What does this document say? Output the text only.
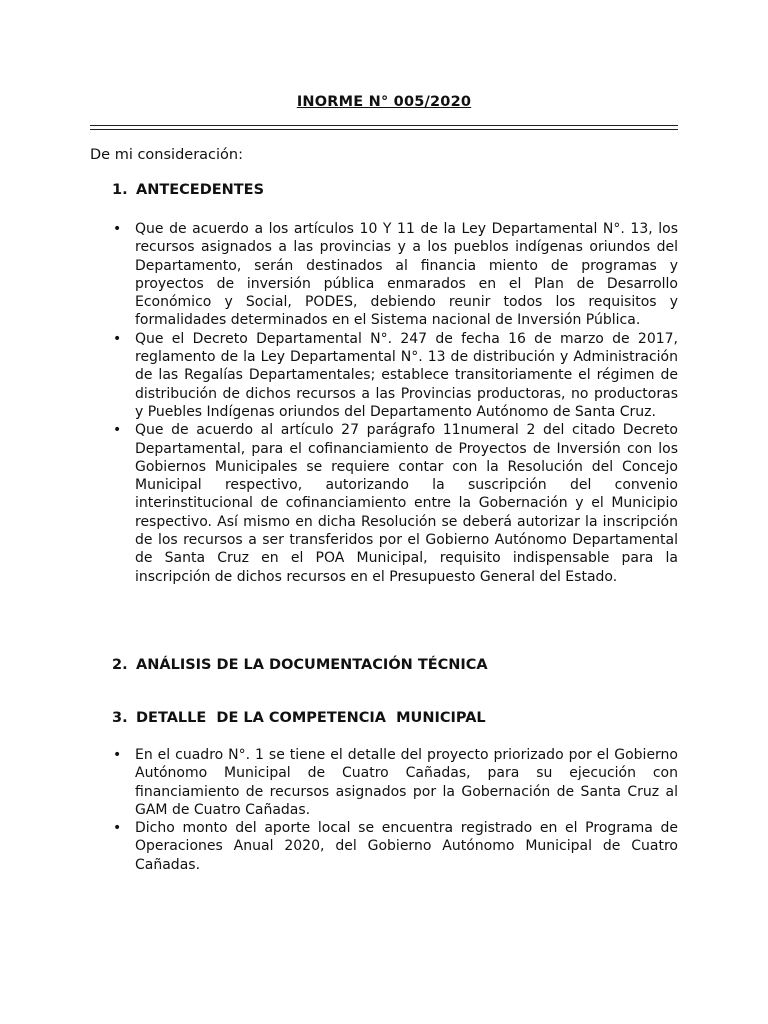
INORME N° 005/2020
De mi consideración:
1. ANTECEDENTES
• Que de acuerdo a los artículos 10 Y 11 de la Ley Departamental N°. 13, los recursos asignados a las provincias y a los pueblos indígenas oriundos del Departamento, serán destinados al financia miento de programas y proyectos de inversión pública enmarados en el Plan de Desarrollo Económico y Social, PODES, debiendo reunir todos los requisitos y formalidades determinados en el Sistema nacional de Inversión Pública.
• Que el Decreto Departamental N°. 247 de fecha 16 de marzo de 2017, reglamento de la Ley Departamental N°. 13 de distribución y Administración de las Regalías Departamentales; establece transitoriamente el régimen de distribución de dichos recursos a las Provincias productoras, no productoras y Puebles Indígenas oriundos del Departamento Autónomo de Santa Cruz.
• Que de acuerdo al artículo 27 parágrafo 11numeral 2 del citado Decreto Departamental, para el cofinanciamiento de Proyectos de Inversión con los Gobiernos Municipales se requiere contar con la Resolución del Concejo Municipal respectivo, autorizando la suscripción del convenio interinstitucional de cofinanciamiento entre la Gobernación y el Municipio respectivo. Así mismo en dicha Resolución se deberá autorizar la inscripción de los recursos a ser transferidos por el Gobierno Autónomo Departamental de Santa Cruz en el POA Municipal, requisito indispensable para la inscripción de dichos recursos en el Presupuesto General del Estado.
2. ANÁLISIS DE LA DOCUMENTACIÓN TÉCNICA
3. DETALLE  DE LA COMPETENCIA  MUNICIPAL
• En el cuadro N°. 1 se tiene el detalle del proyecto priorizado por el Gobierno Autónomo Municipal de Cuatro Cañadas, para su ejecución con financiamiento de recursos asignados por la Gobernación de Santa Cruz al GAM de Cuatro Cañadas.
• Dicho monto del aporte local se encuentra registrado en el Programa de Operaciones Anual 2020, del Gobierno Autónomo Municipal de Cuatro Cañadas.
